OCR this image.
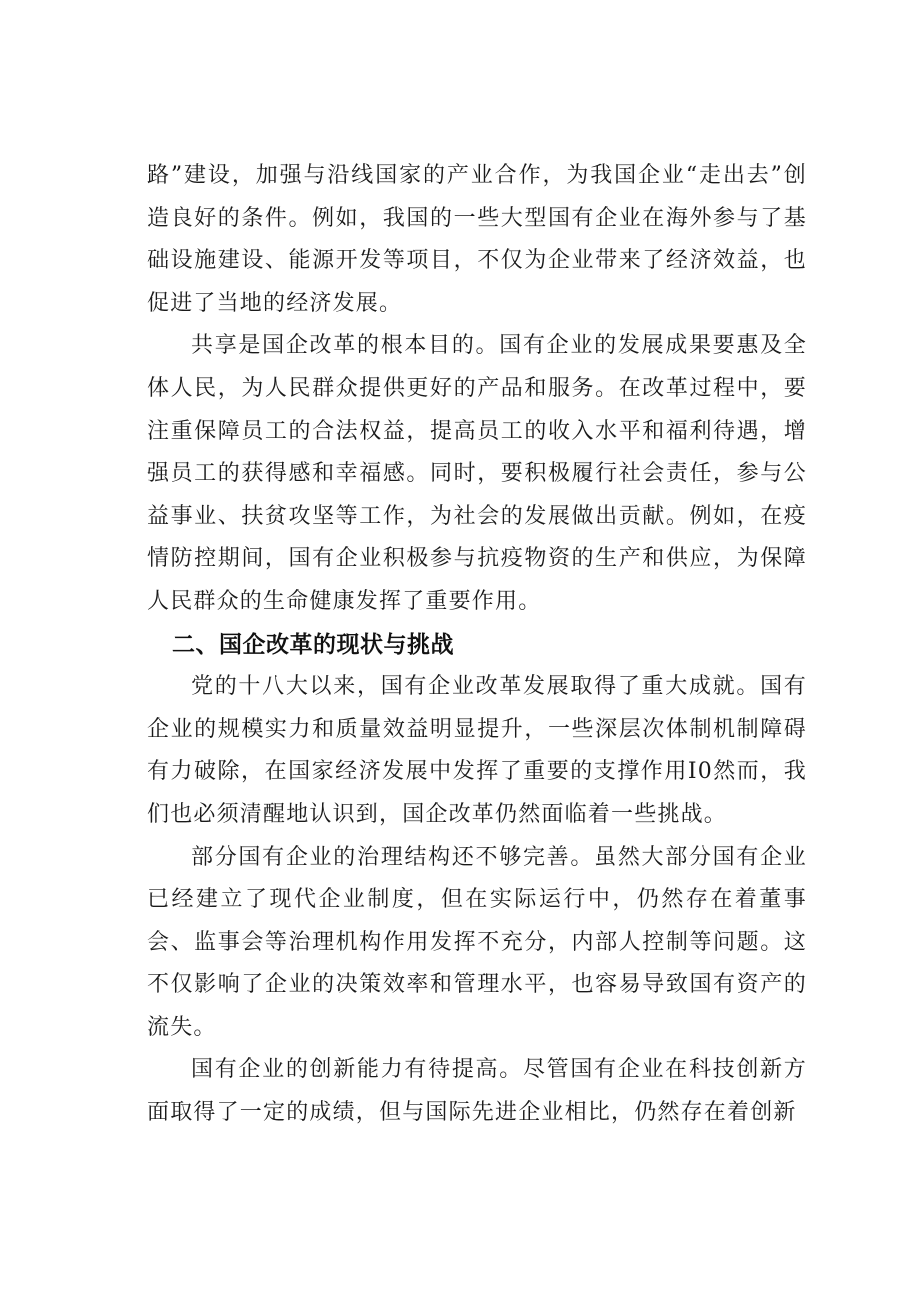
路”建设，加强与沿线国家的产业合作，为我国企业“走出去”创造良好的条件。例如，我国的一些大型国有企业在海外参与了基础设施建设、能源开发等项目，不仅为企业带来了经济效益，也促进了当地的经济发展。

共享是国企改革的根本目的。国有企业的发展成果要惠及全体人民，为人民群众提供更好的产品和服务。在改革过程中，要注重保障员工的合法权益，提高员工的收入水平和福利待遇，增强员工的获得感和幸福感。同时，要积极履行社会责任，参与公益事业、扶贫攻坚等工作，为社会的发展做出贡献。例如，在疫情防控期间，国有企业积极参与抗疫物资的生产和供应，为保障人民群众的生命健康发挥了重要作用。

二、国企改革的现状与挑战

党的十八大以来，国有企业改革发展取得了重大成就。国有企业的规模实力和质量效益明显提升，一些深层次体制机制障碍有力破除，在国家经济发展中发挥了重要的支撑作用I0然而，我们也必须清醒地认识到，国企改革仍然面临着一些挑战。

部分国有企业的治理结构还不够完善。虽然大部分国有企业已经建立了现代企业制度，但在实际运行中，仍然存在着董事会、监事会等治理机构作用发挥不充分，内部人控制等问题。这不仅影响了企业的决策效率和管理水平，也容易导致国有资产的流失。

国有企业的创新能力有待提高。尽管国有企业在科技创新方面取得了一定的成绩，但与国际先进企业相比，仍然存在着创新
